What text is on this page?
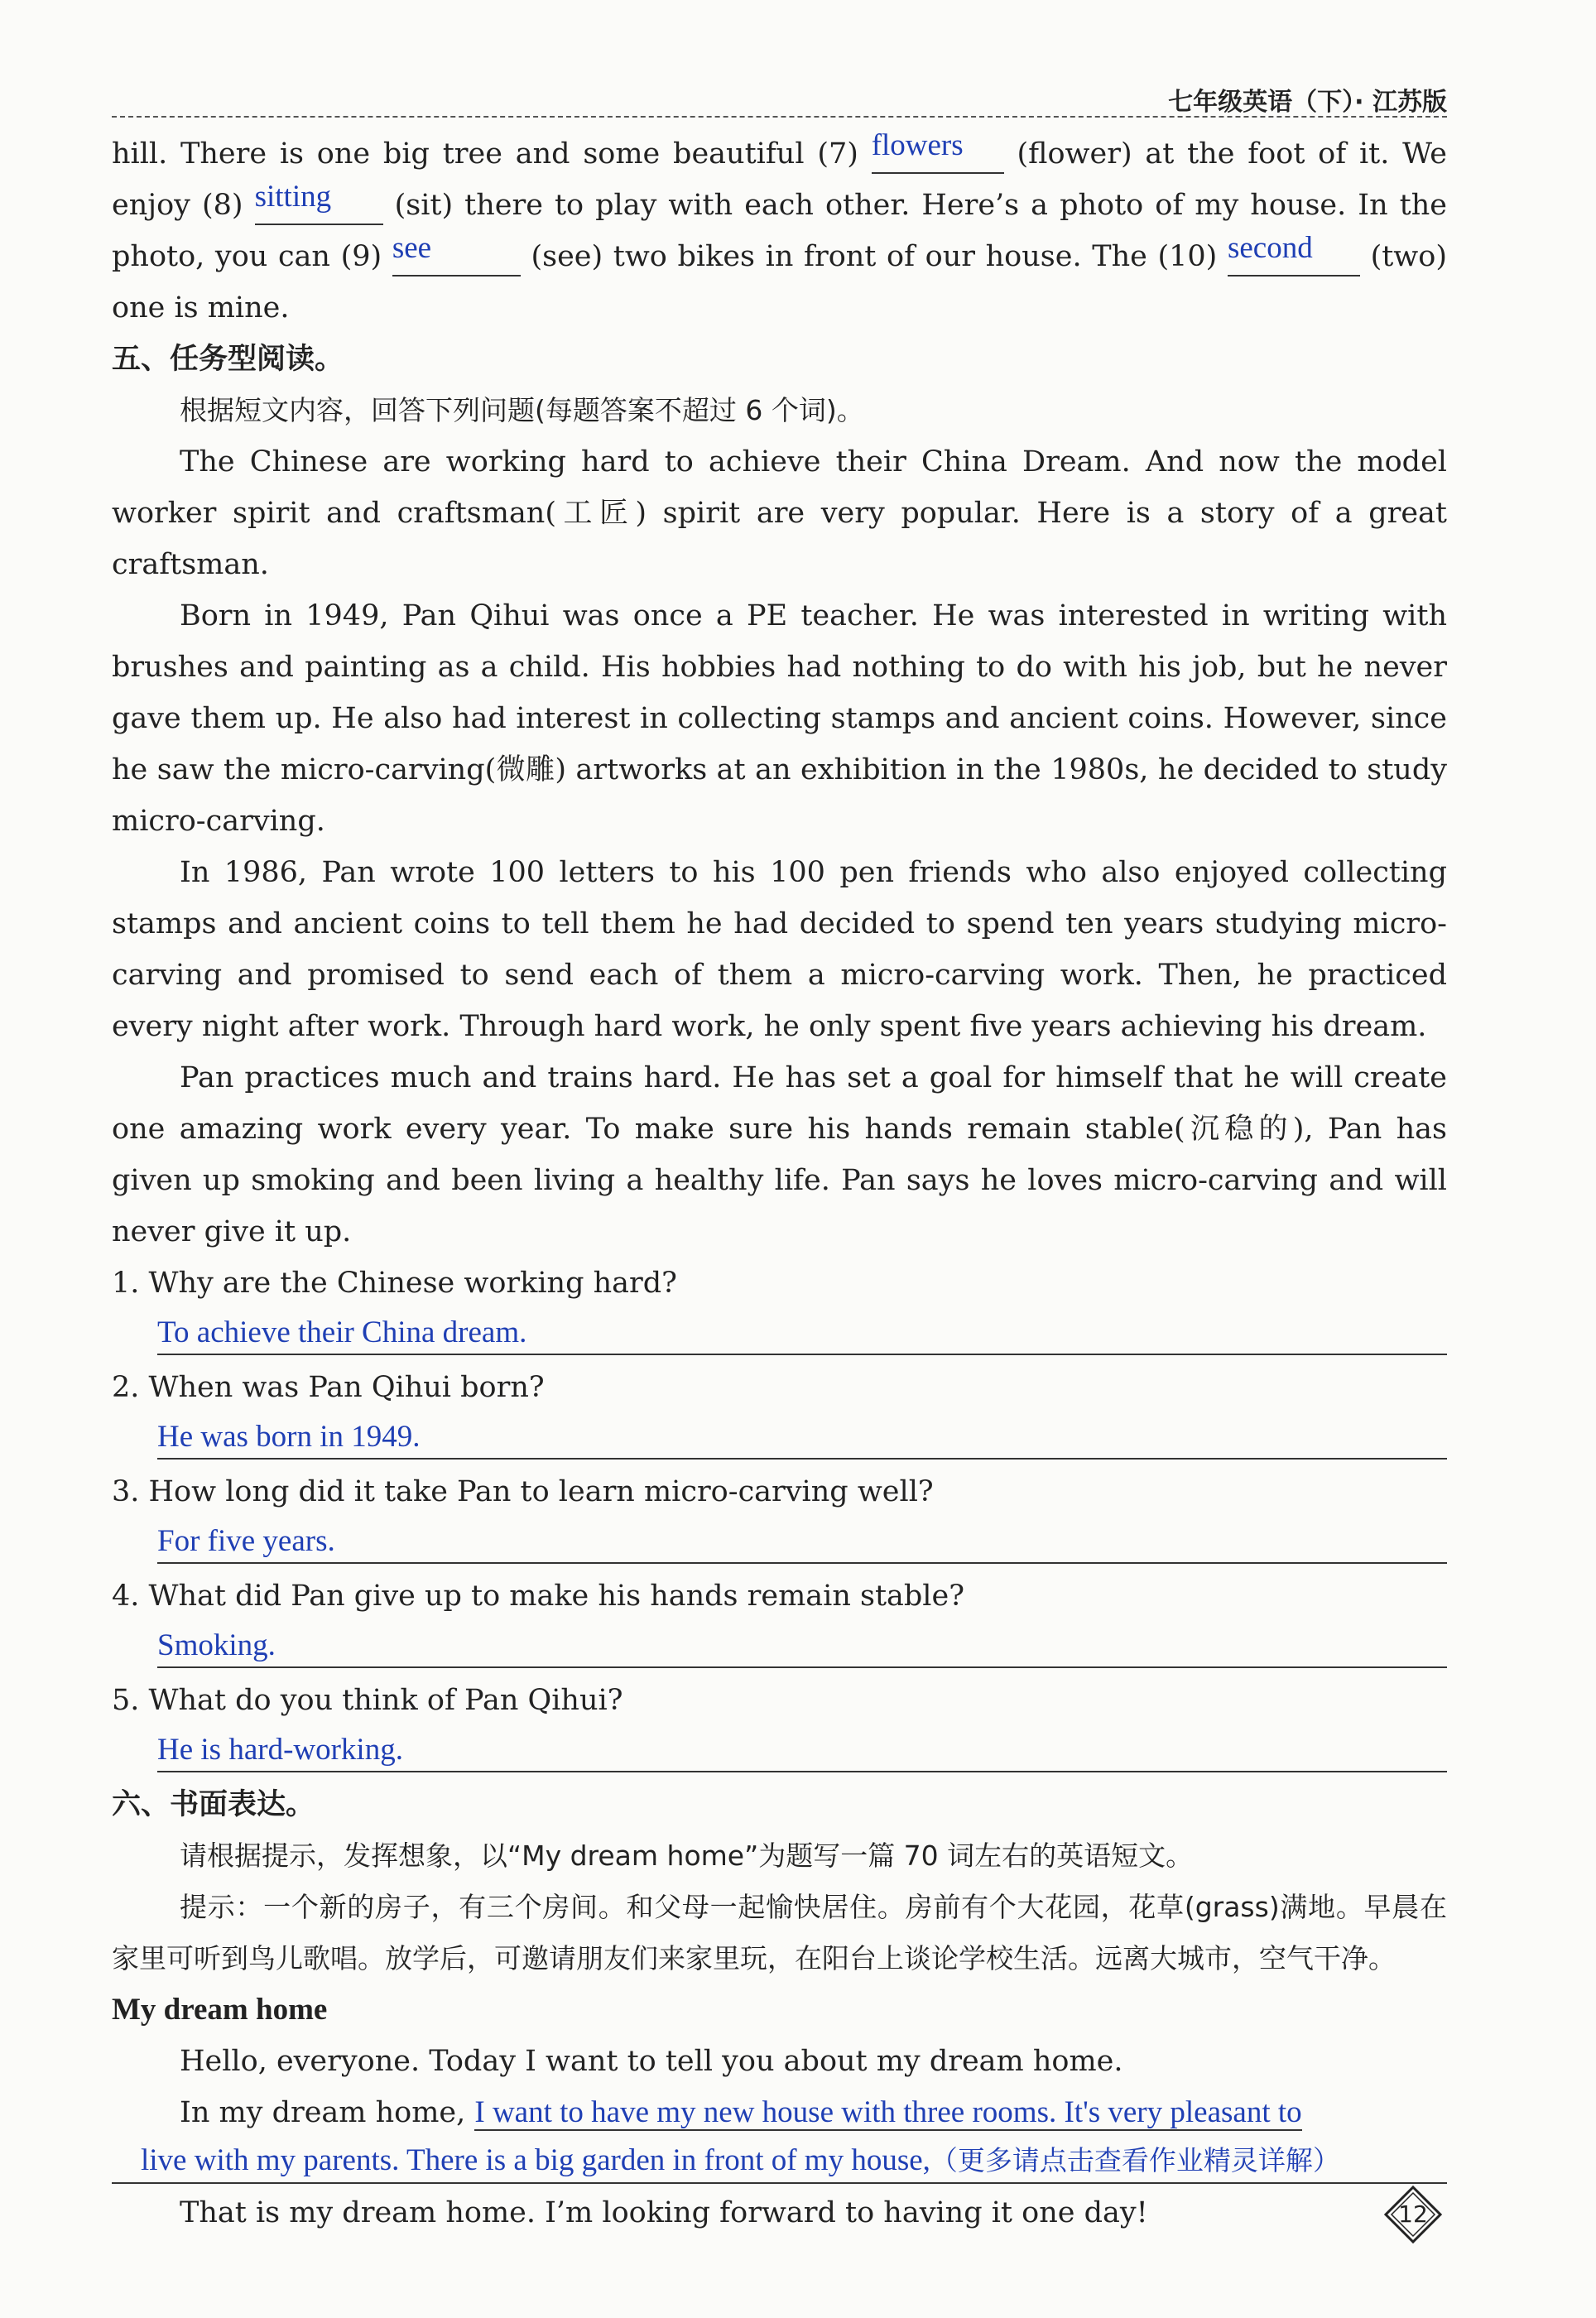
七年级英语（下）· 江苏版

hill. There is one big tree and some beautiful (7) flowers (flower) at the foot of it. We enjoy (8) sitting (sit) there to play with each other. Here’s a photo of my house. In the photo, you can (9) see	(see) two bikes in front of our house. The (10) second (two) one is mine.

五、任务型阅读。

根据短文内容，回答下列问题(每题答案不超过 6 个词)。

The Chinese are working hard to achieve their China Dream. And now the model worker spirit and craftsman(工匠) spirit are very popular. Here is a story of a great craftsman.

Born in 1949, Pan Qihui was once a PE teacher. He was interested in writing with brushes and painting as a child. His hobbies had nothing to do with his job, but he never gave them up. He also had interest in collecting stamps and ancient coins. However, since he saw the micro-carving(微雕) artworks at an exhibition in the 1980s, he decided to study micro-carving.

In 1986, Pan wrote 100 letters to his 100 pen friends who also enjoyed collecting stamps and ancient coins to tell them he had decided to spend ten years studying micro-carving and promised to send each of them a micro-carving work. Then, he practiced every night after work. Through hard work, he only spent five years achieving his dream.

Pan practices much and trains hard. He has set a goal for himself that he will create one amazing work every year. To make sure his hands remain stable(沉稳的), Pan has given up smoking and been living a healthy life. Pan says he loves micro-carving and will never give it up.

1. Why are the Chinese working hard?

To achieve their China dream.

2. When was Pan Qihui born?

He was born in 1949.

3. How long did it take Pan to learn micro-carving well?

For five years.

4. What did Pan give up to make his hands remain stable?

Smoking.

5. What do you think of Pan Qihui?

He is hard-working.

六、书面表达。

请根据提示，发挥想象，以“My dream home”为题写一篇 70 词左右的英语短文。

提示：一个新的房子，有三个房间。和父母一起愉快居住。房前有个大花园，花草(grass)满地。早晨在家里可听到鸟儿歌唱。放学后，可邀请朋友们来家里玩，在阳台上谈论学校生活。远离大城市，空气干净。

My dream home

Hello, everyone. Today I want to tell you about my dream home.

In my dream home, I want to have my new house with three rooms. It's very pleasant to

live with my parents. There is a big garden in front of my house,（更多请点击查看作业精灵详解）

That is my dream home. I’m looking forward to having it one day!	12
